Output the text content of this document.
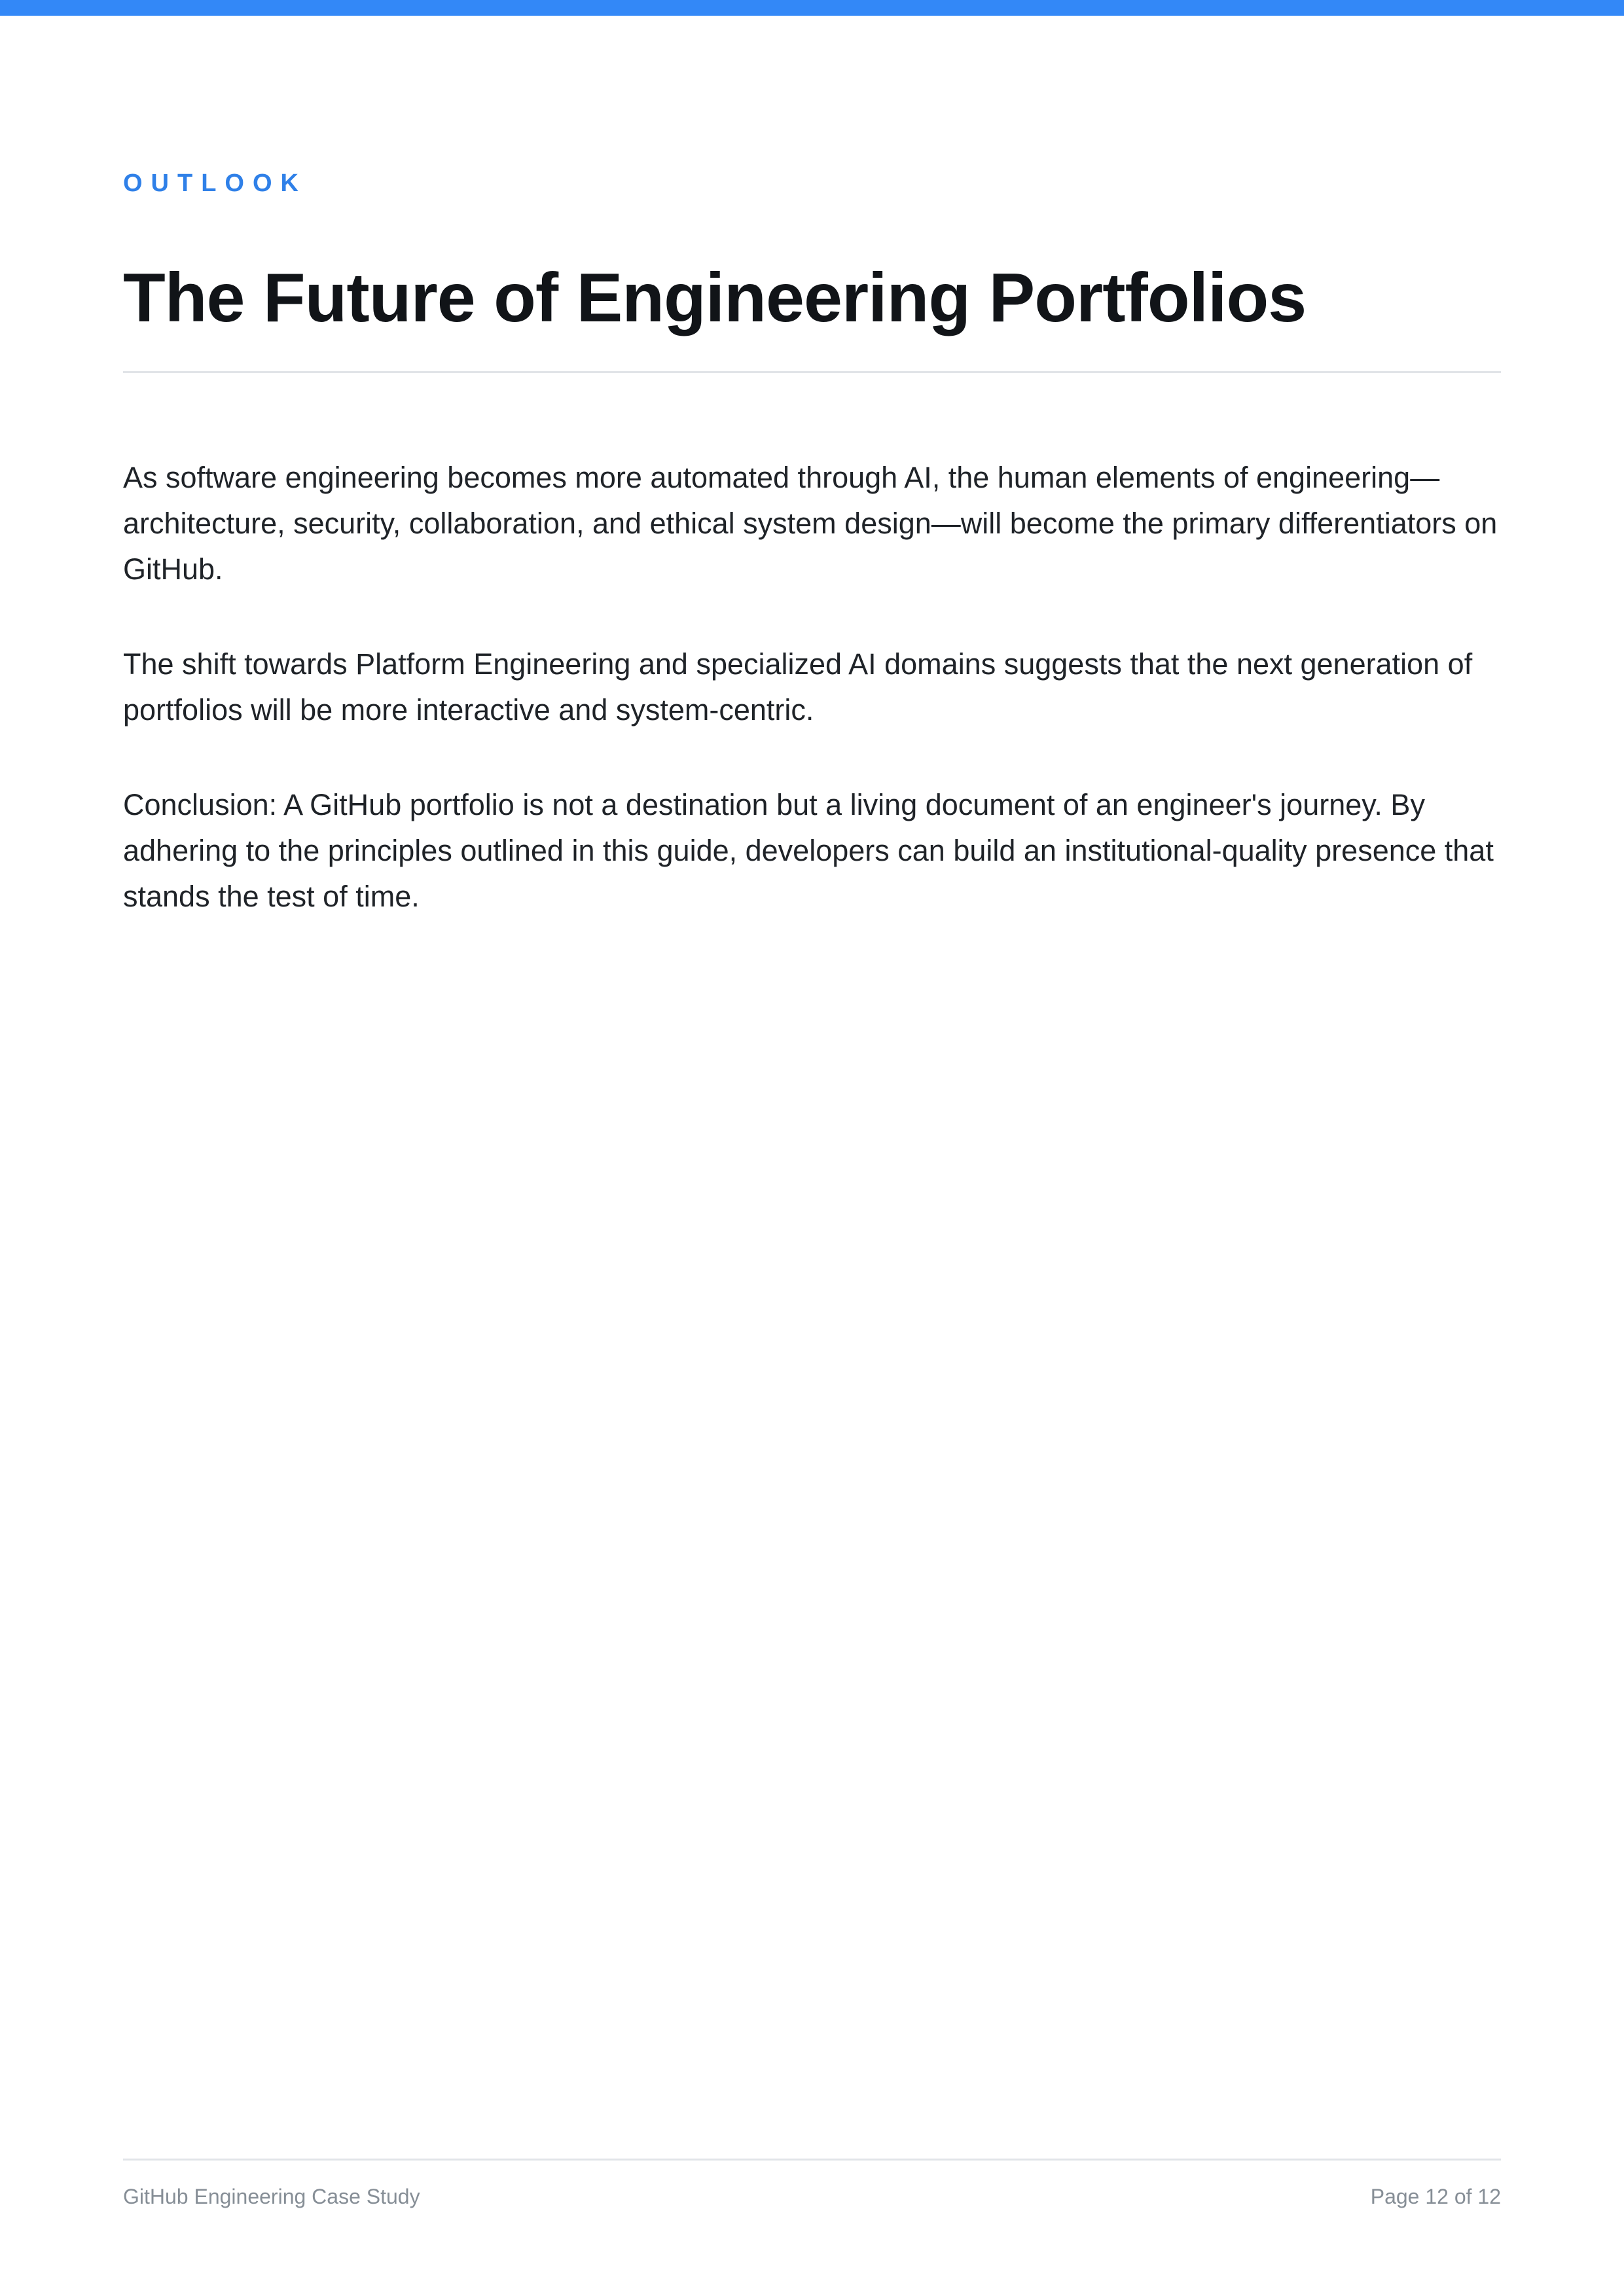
OUTLOOK
The Future of Engineering Portfolios

As software engineering becomes more automated through AI, the human elements of engineering—architecture, security, collaboration, and ethical system design—will become the primary differentiators on GitHub.

The shift towards Platform Engineering and specialized AI domains suggests that the next generation of portfolios will be more interactive and system-centric.

Conclusion: A GitHub portfolio is not a destination but a living document of an engineer's journey. By adhering to the principles outlined in this guide, developers can build an institutional-quality presence that stands the test of time.

GitHub Engineering Case Study	Page 12 of 12
